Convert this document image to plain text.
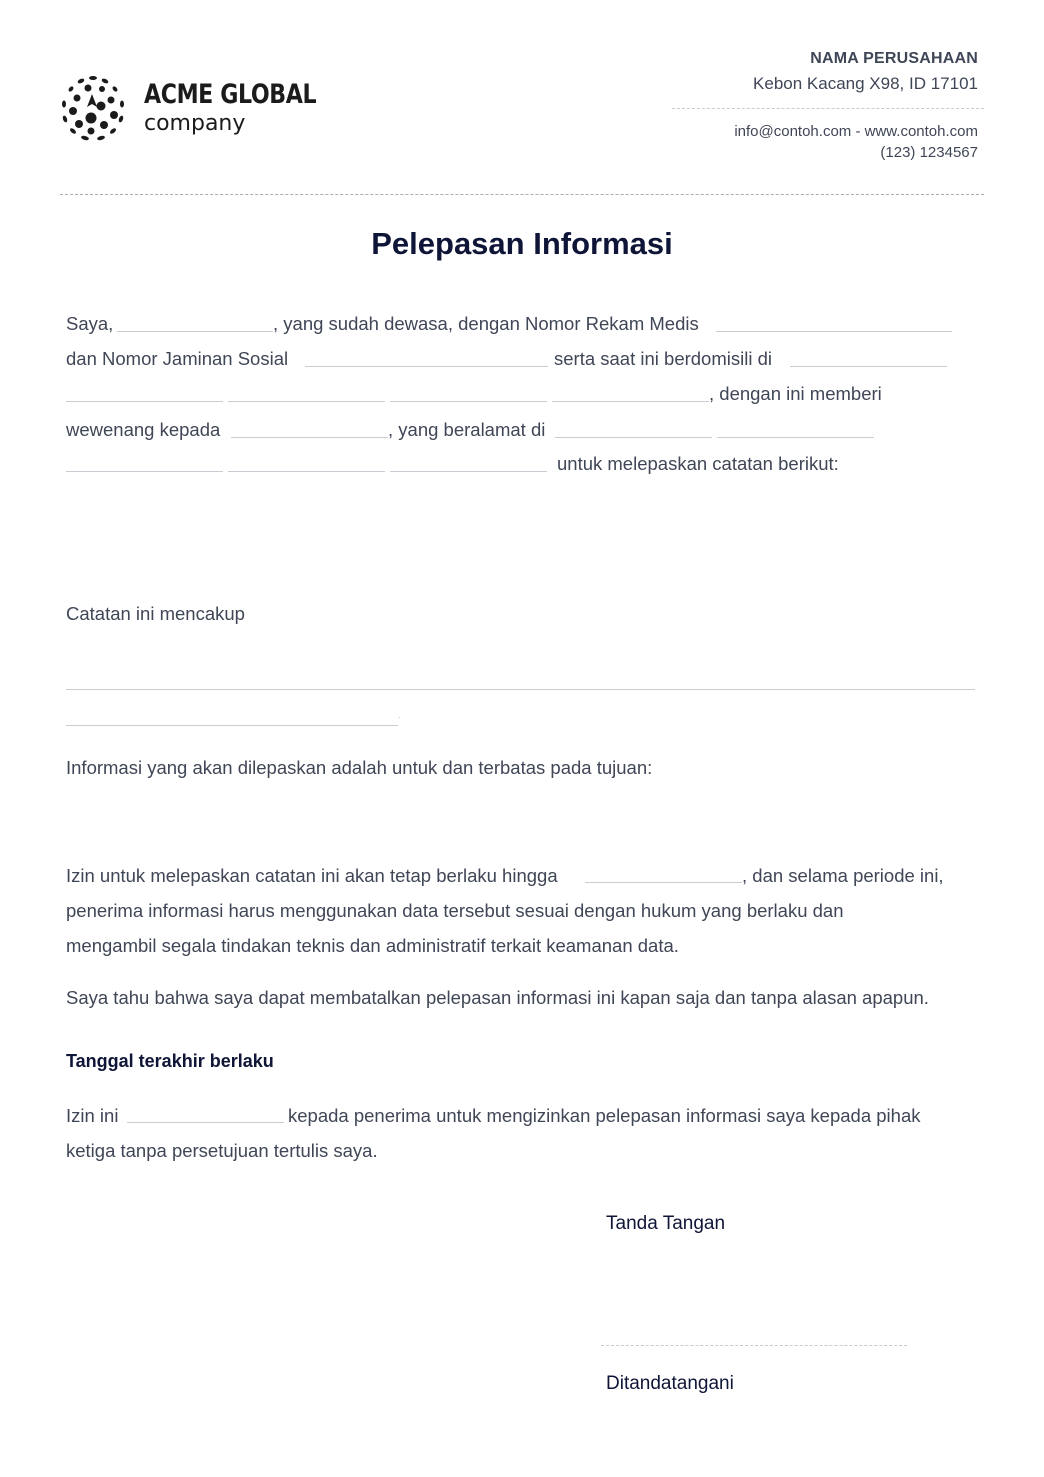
ACME GLOBAL
company
NAMA PERUSAHAAN
Kebon Kacang X98, ID 17101
info@contoh.com - www.contoh.com
(123) 1234567
Pelepasan Informasi
Saya,	, yang sudah dewasa, dengan Nomor Rekam Medis
dan Nomor Jaminan Sosial	serta saat ini berdomisili di
, dengan ini memberi
wewenang kepada	, yang beralamat di
untuk melepaskan catatan berikut:
Catatan ini mencakup
.
Informasi yang akan dilepaskan adalah untuk dan terbatas pada tujuan:
Izin untuk melepaskan catatan ini akan tetap berlaku hingga	, dan selama periode ini,
penerima informasi harus menggunakan data tersebut sesuai dengan hukum yang berlaku dan
mengambil segala tindakan teknis dan administratif terkait keamanan data.
Saya tahu bahwa saya dapat membatalkan pelepasan informasi ini kapan saja dan tanpa alasan apapun.
Tanggal terakhir berlaku
Izin ini	kepada penerima untuk mengizinkan pelepasan informasi saya kepada pihak
ketiga tanpa persetujuan tertulis saya.
Tanda Tangan
Ditandatangani
